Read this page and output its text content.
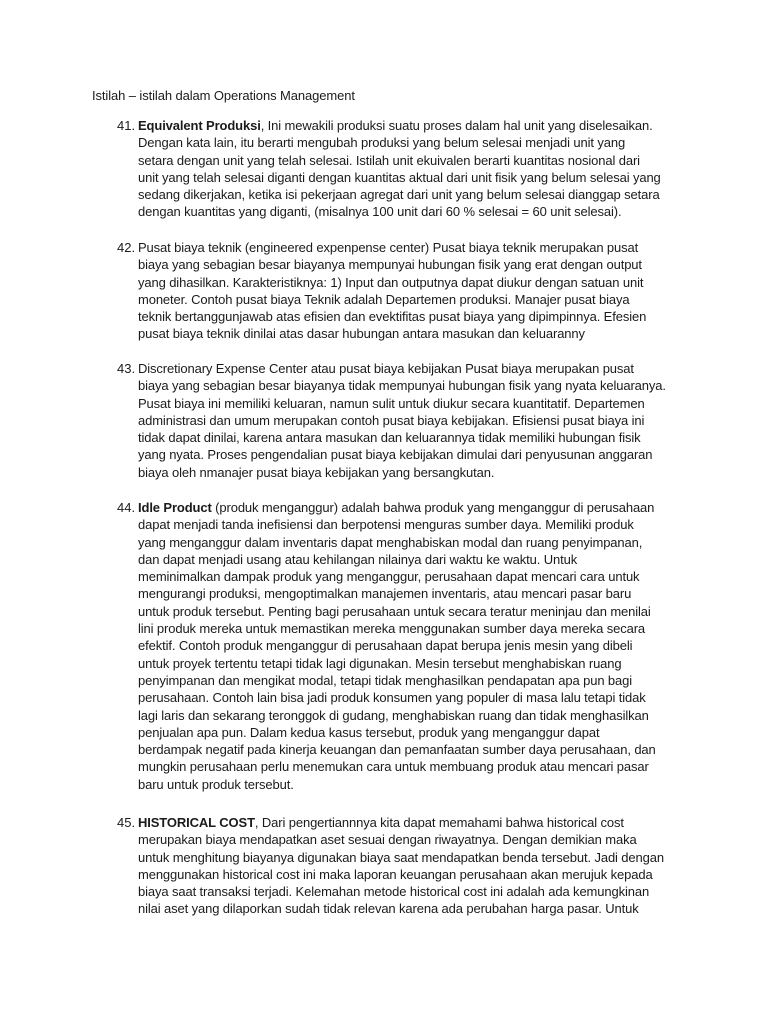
Istilah – istilah dalam Operations Management
41. Equivalent Produksi, Ini mewakili produksi suatu proses dalam hal unit yang diselesaikan.
Dengan kata lain, itu berarti mengubah produksi yang belum selesai menjadi unit yang
setara dengan unit yang telah selesai. Istilah unit ekuivalen berarti kuantitas nosional dari
unit yang telah selesai diganti dengan kuantitas aktual dari unit fisik yang belum selesai yang
sedang dikerjakan, ketika isi pekerjaan agregat dari unit yang belum selesai dianggap setara
dengan kuantitas yang diganti, (misalnya 100 unit dari 60 % selesai = 60 unit selesai).
42. Pusat biaya teknik (engineered expenpense center) Pusat biaya teknik merupakan pusat
biaya yang sebagian besar biayanya mempunyai hubungan fisik yang erat dengan output
yang dihasilkan. Karakteristiknya: 1) Input dan outputnya dapat diukur dengan satuan unit
moneter. Contoh pusat biaya Teknik adalah Departemen produksi. Manajer pusat biaya
teknik bertanggunjawab atas efisien dan evektifitas pusat biaya yang dipimpinnya. Efesien
pusat biaya teknik dinilai atas dasar hubungan antara masukan dan keluaranny
43. Discretionary Expense Center atau pusat biaya kebijakan Pusat biaya merupakan pusat
biaya yang sebagian besar biayanya tidak mempunyai hubungan fisik yang nyata keluaranya.
Pusat biaya ini memiliki keluaran, namun sulit untuk diukur secara kuantitatif. Departemen
administrasi dan umum merupakan contoh pusat biaya kebijakan. Efisiensi pusat biaya ini
tidak dapat dinilai, karena antara masukan dan keluarannya tidak memiliki hubungan fisik
yang nyata. Proses pengendalian pusat biaya kebijakan dimulai dari penyusunan anggaran
biaya oleh nmanajer pusat biaya kebijakan yang bersangkutan.
44. Idle Product (produk menganggur) adalah bahwa produk yang menganggur di perusahaan
dapat menjadi tanda inefisiensi dan berpotensi menguras sumber daya. Memiliki produk
yang menganggur dalam inventaris dapat menghabiskan modal dan ruang penyimpanan,
dan dapat menjadi usang atau kehilangan nilainya dari waktu ke waktu. Untuk
meminimalkan dampak produk yang menganggur, perusahaan dapat mencari cara untuk
mengurangi produksi, mengoptimalkan manajemen inventaris, atau mencari pasar baru
untuk produk tersebut. Penting bagi perusahaan untuk secara teratur meninjau dan menilai
lini produk mereka untuk memastikan mereka menggunakan sumber daya mereka secara
efektif. Contoh produk menganggur di perusahaan dapat berupa jenis mesin yang dibeli
untuk proyek tertentu tetapi tidak lagi digunakan. Mesin tersebut menghabiskan ruang
penyimpanan dan mengikat modal, tetapi tidak menghasilkan pendapatan apa pun bagi
perusahaan. Contoh lain bisa jadi produk konsumen yang populer di masa lalu tetapi tidak
lagi laris dan sekarang teronggok di gudang, menghabiskan ruang dan tidak menghasilkan
penjualan apa pun. Dalam kedua kasus tersebut, produk yang menganggur dapat
berdampak negatif pada kinerja keuangan dan pemanfaatan sumber daya perusahaan, dan
mungkin perusahaan perlu menemukan cara untuk membuang produk atau mencari pasar
baru untuk produk tersebut.
45. HISTORICAL COST, Dari pengertiannnya kita dapat memahami bahwa historical cost
merupakan biaya mendapatkan aset sesuai dengan riwayatnya. Dengan demikian maka
untuk menghitung biayanya digunakan biaya saat mendapatkan benda tersebut. Jadi dengan
menggunakan historical cost ini maka laporan keuangan perusahaan akan merujuk kepada
biaya saat transaksi terjadi. Kelemahan metode historical cost ini adalah ada kemungkinan
nilai aset yang dilaporkan sudah tidak relevan karena ada perubahan harga pasar. Untuk
